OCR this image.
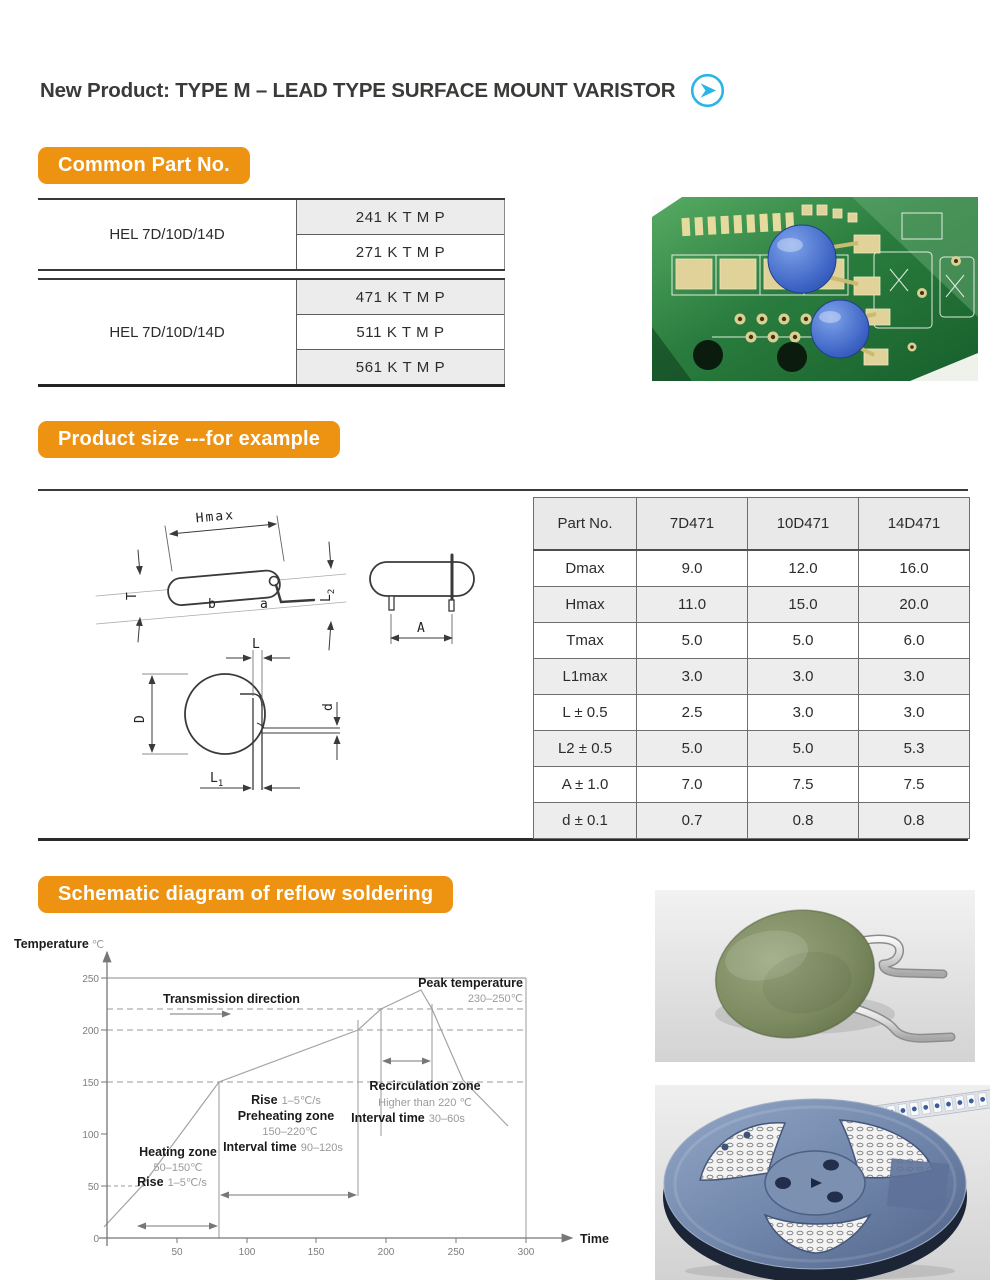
New Product: TYPE M – LEAD TYPE SURFACE MOUNT VARISTOR
Common Part No.
Product size ---for example
Schematic diagram of reflow soldering
HEL 7D/10D/14D
241 K T M P
271 K T M P
HEL 7D/10D/14D
471 K T M P
511 K T M P
561 K T M P
Hmax
T	$L_2$
b	a
A
L
D
d
$L_1$
Part No.	7D471	10D471	14D471
Dmax	9.0	12.0	16.0
Hmax	11.0	15.0	20.0
Tmax	5.0	5.0	6.0
L1max	3.0	3.0	3.0
L ± 0.5	2.5	3.0	3.0
L2 ± 0.5	5.0	5.0	5.3
A ± 1.0	7.0	7.5	7.5
d ± 0.1	0.7	0.8	0.8
Temperature ℃
Time
0
50
100
150
200
250
50	100	150	200	250	300
Transmission direction
Peak temperature
230–250℃
Recirculation zone
Higher than 220 ℃
Interval time 30–60s
Rise 1–5℃/s
Preheating zone
150–220℃
Interval time 90–120s
Heating zone
50–150℃
Rise 1–5℃/s
